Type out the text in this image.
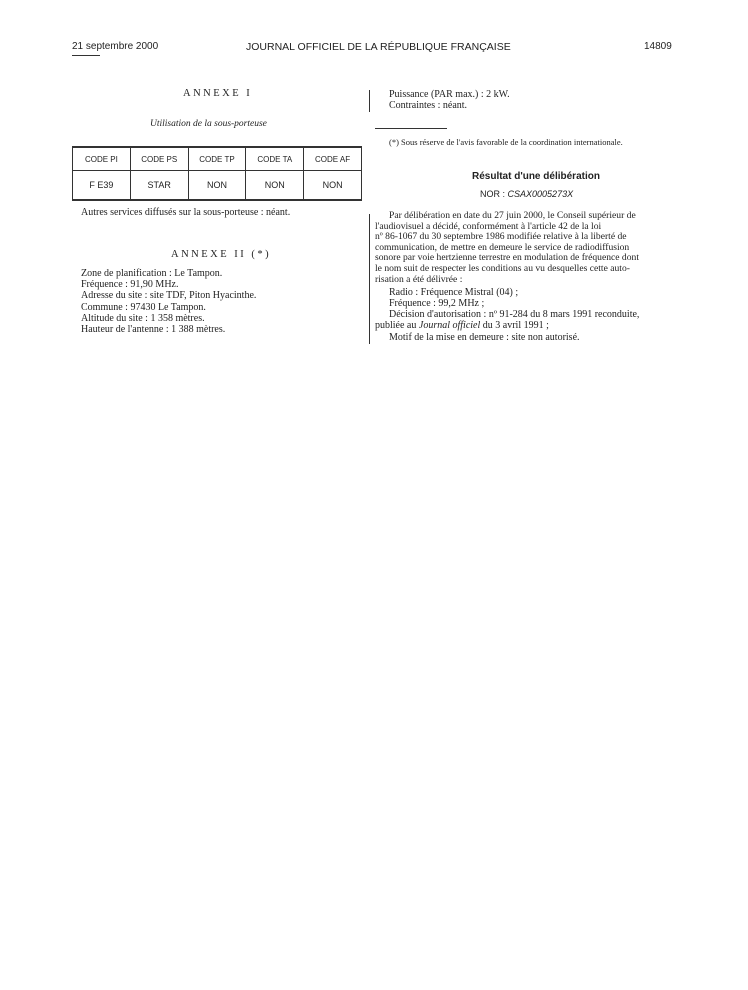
21 septembre 2000	JOURNAL OFFICIEL DE LA RÉPUBLIQUE FRANÇAISE	14809
ANNEXE I
Utilisation de la sous-porteuse
CODE PI	CODE PS	CODE TP	CODE TA	CODE AF
F E39	STAR	NON	NON	NON
Autres services diffusés sur la sous-porteuse : néant.
ANNEXE II (*)
Zone de planification : Le Tampon.
Fréquence : 91,90 MHz.
Adresse du site : site TDF, Piton Hyacinthe.
Commune : 97430 Le Tampon.
Altitude du site : 1 358 mètres.
Hauteur de l'antenne : 1 388 mètres.
Puissance (PAR max.) : 2 kW.
Contraintes : néant.
(*) Sous réserve de l'avis favorable de la coordination internationale.
Résultat d'une délibération
NOR : CSAX0005273X
Par délibération en date du 27 juin 2000, le Conseil supérieur de
l'audiovisuel a décidé, conformément à l'article 42 de la loi
nº 86-1067 du 30 septembre 1986 modifiée relative à la liberté de
communication, de mettre en demeure le service de radiodiffusion
sonore par voie hertzienne terrestre en modulation de fréquence dont
le nom suit de respecter les conditions au vu desquelles cette auto-
risation a été délivrée :
Radio : Fréquence Mistral (04) ;
Fréquence : 99,2 MHz ;
Décision d'autorisation : nº 91-284 du 8 mars 1991 reconduite,
publiée au Journal officiel du 3 avril 1991 ;
Motif de la mise en demeure : site non autorisé.
